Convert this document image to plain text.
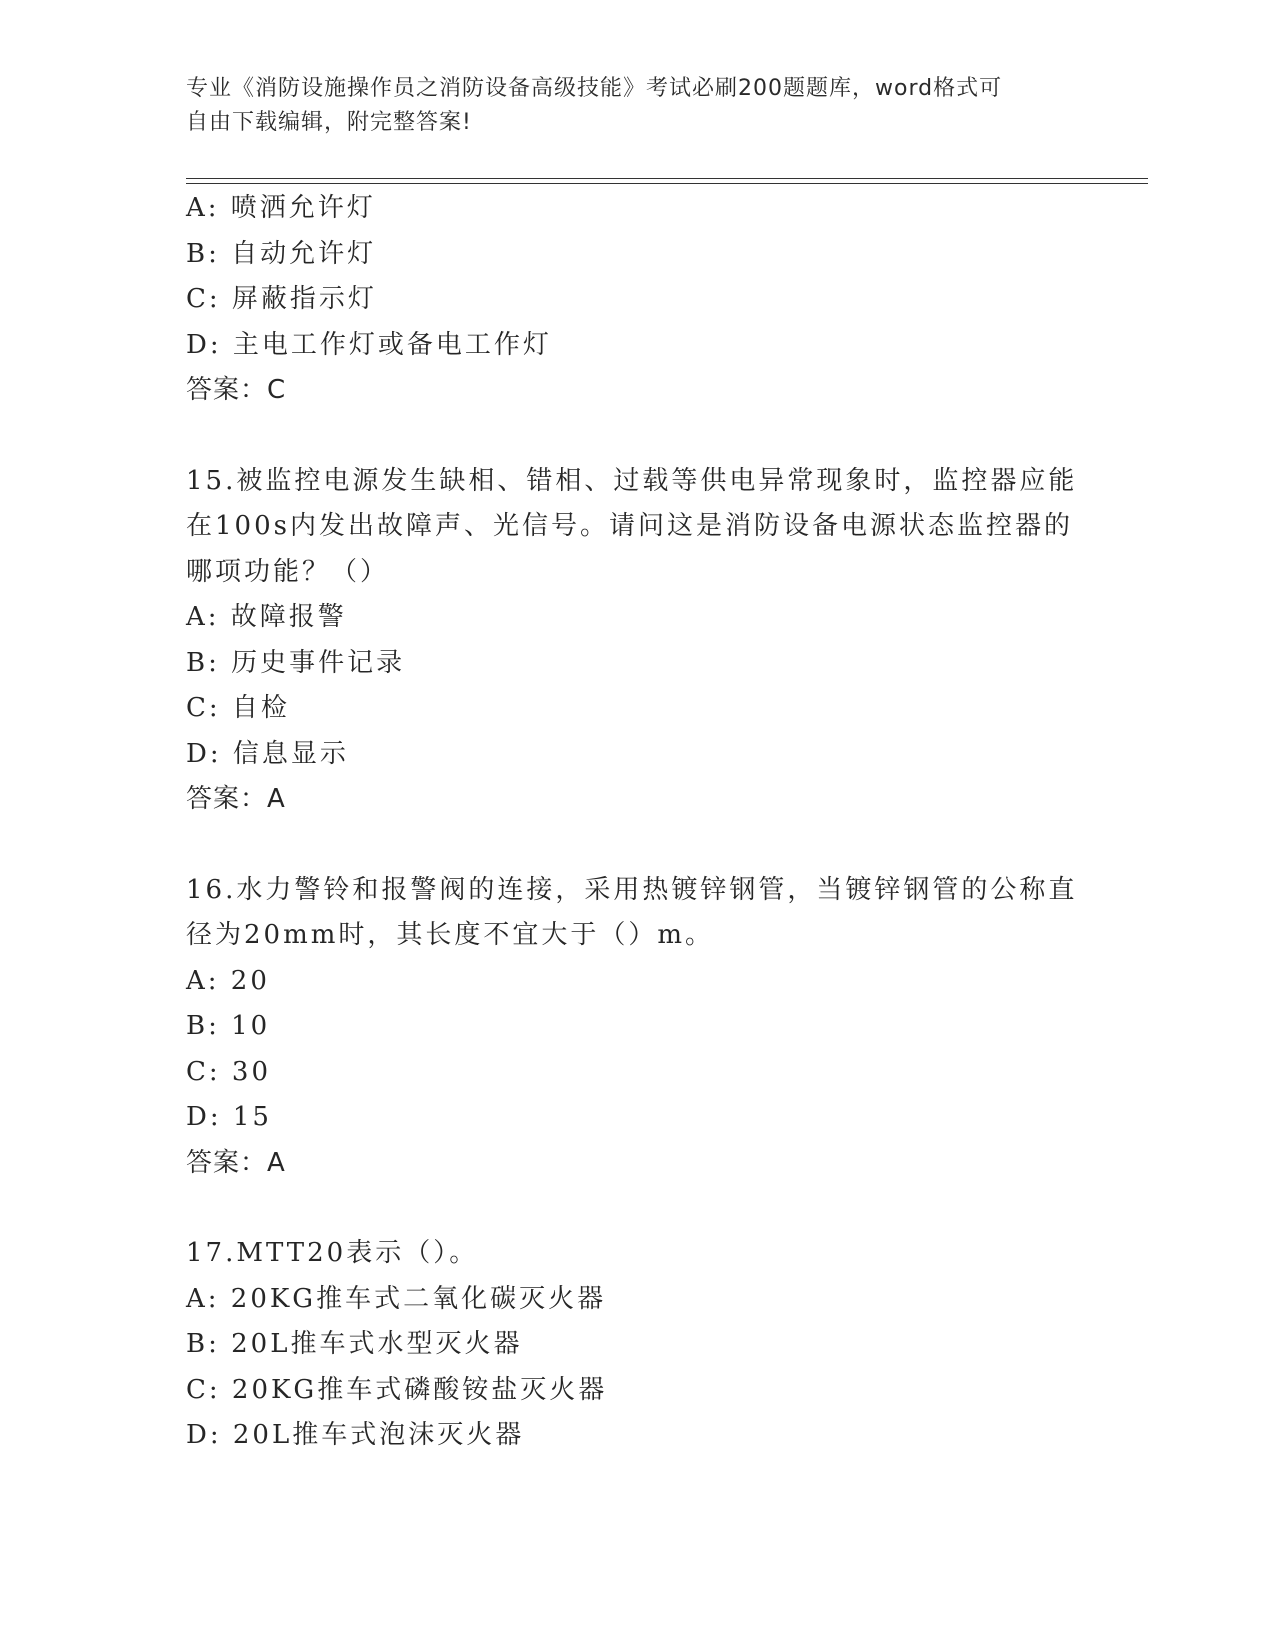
专业《消防设施操作员之消防设备高级技能》考试必刷200题题库，word格式可
自由下载编辑，附完整答案!
A: 喷洒允许灯
B: 自动允许灯
C: 屏蔽指示灯
D: 主电工作灯或备电工作灯
答案：C
15.被监控电源发生缺相、错相、过载等供电异常现象时，监控器应能
在100s内发出故障声、光信号。请问这是消防设备电源状态监控器的
哪项功能？（）
A: 故障报警
B: 历史事件记录
C: 自检
D: 信息显示
答案：A
16.水力警铃和报警阀的连接，采用热镀锌钢管，当镀锌钢管的公称直
径为20mm时，其长度不宜大于（）m。
A: 20
B: 10
C: 30
D: 15
答案：A
17.MTT20表示（）。
A: 20KG推车式二氧化碳灭火器
B: 20L推车式水型灭火器
C: 20KG推车式磷酸铵盐灭火器
D: 20L推车式泡沫灭火器
